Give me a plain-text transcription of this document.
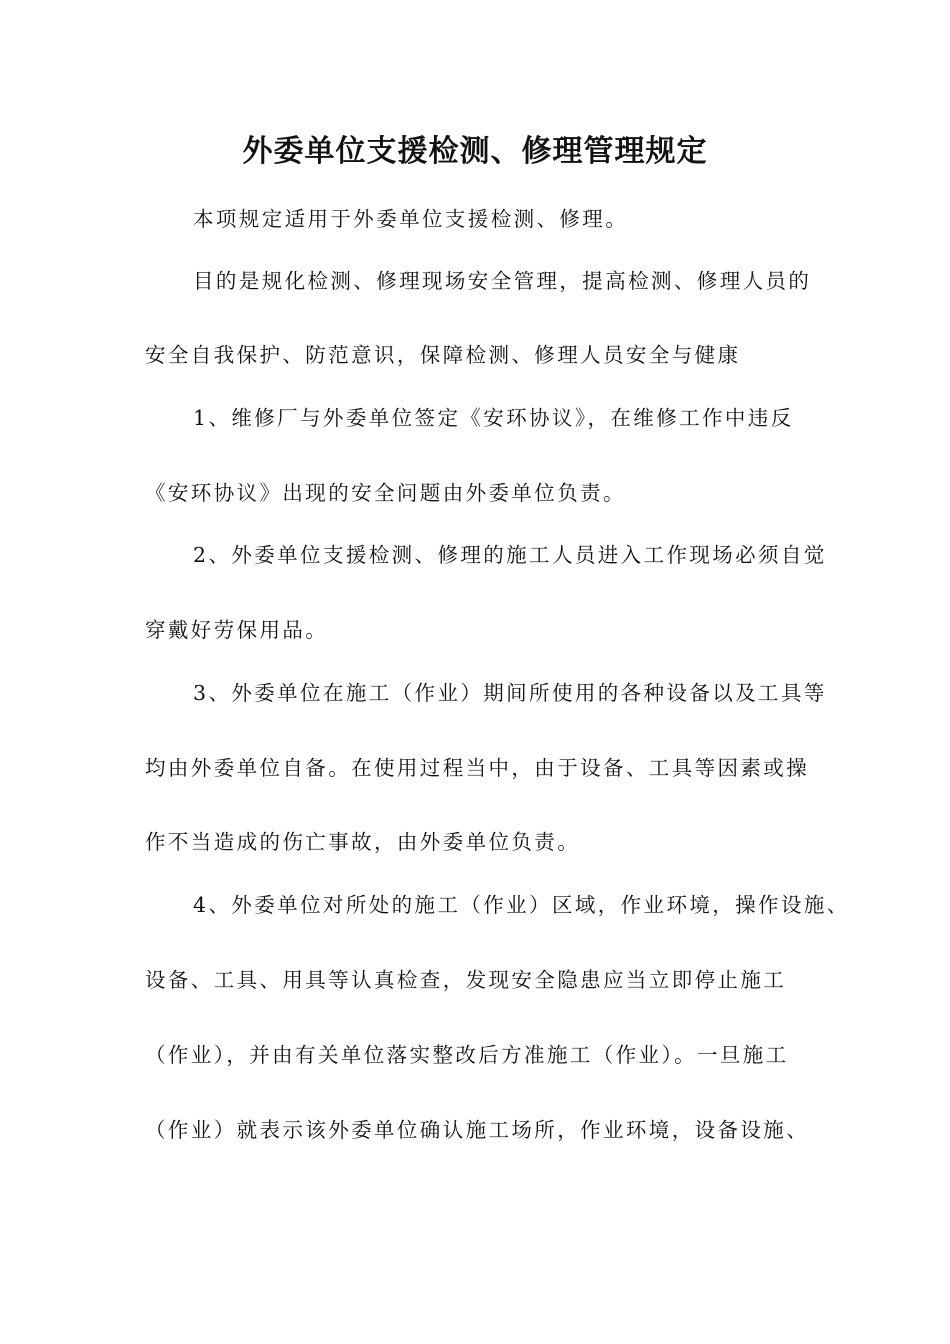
外委单位支援检测、修理管理规定
本项规定适用于外委单位支援检测、修理。
目的是规化检测、修理现场安全管理，提高检测、修理人员的
安全自我保护、防范意识，保障检测、修理人员安全与健康
1、维修厂与外委单位签定《安环协议》，在维修工作中违反
《安环协议》出现的安全问题由外委单位负责。
2、外委单位支援检测、修理的施工人员进入工作现场必须自觉
穿戴好劳保用品。
3、外委单位在施工（作业）期间所使用的各种设备以及工具等
均由外委单位自备。在使用过程当中，由于设备、工具等因素或操
作不当造成的伤亡事故，由外委单位负责。
4、外委单位对所处的施工（作业）区域，作业环境，操作设施、
设备、工具、用具等认真检查，发现安全隐患应当立即停止施工
（作业），并由有关单位落实整改后方准施工（作业）。一旦施工
（作业）就表示该外委单位确认施工场所，作业环境，设备设施、
